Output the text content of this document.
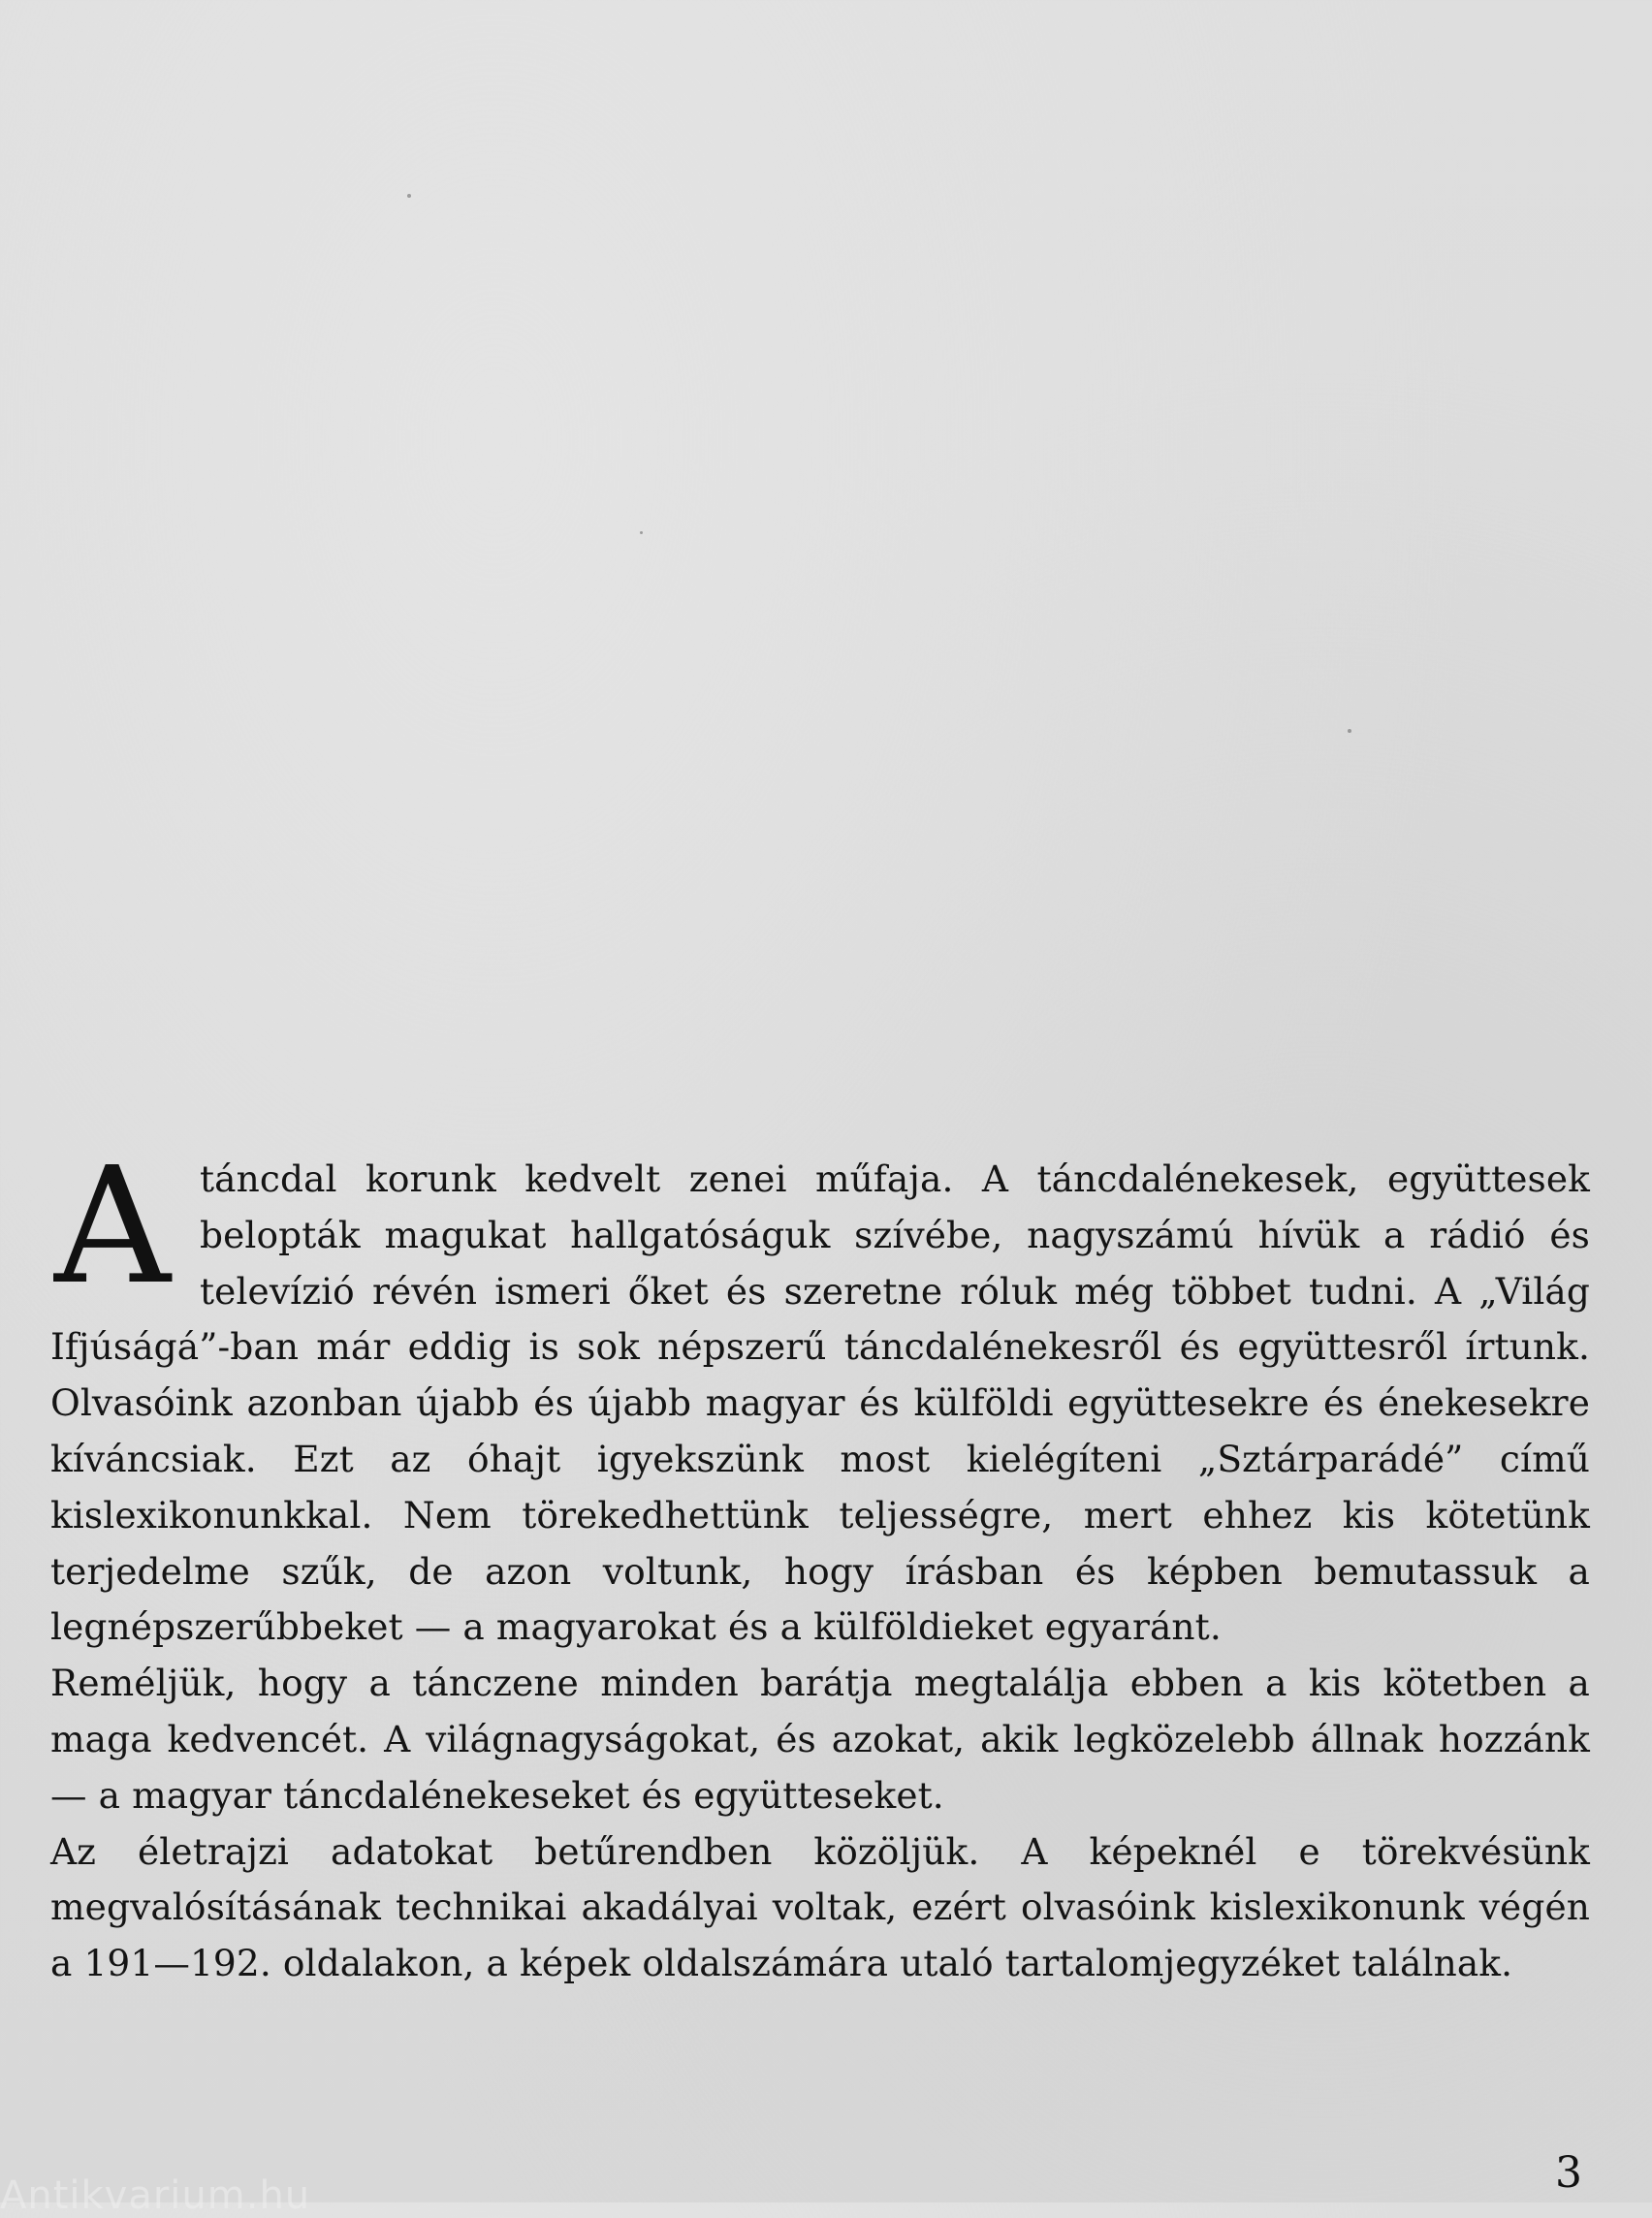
Atáncdal korunk kedvelt zenei műfaja. A táncdalénekesek, együttesek belopták magukat hallgatóságuk szívébe, nagyszámú hívük a rádió és televízió révén ismeri őket és szeretne róluk még többet tudni. A „Világ Ifjúságá”-ban már eddig is sok népszerű táncdalénekesről és együttesről írtunk. Olvasóink azonban újabb és újabb magyar és külföldi együttesekre és énekesekre kíváncsiak. Ezt az óhajt igyekszünk most kielégíteni „Sztárparádé” című kislexikonunkkal. Nem törekedhettünk teljességre, mert ehhez kis kötetünk terjedelme szűk, de azon voltunk, hogy írásban és képben bemutassuk a legnépszerűbbeket — a magyarokat és a külföldieket egyaránt.

Reméljük, hogy a tánczene minden barátja megtalálja ebben a kis kötetben a maga kedvencét. A világnagyságokat, és azokat, akik legközelebb állnak hozzánk — a magyar táncdalénekeseket és együtteseket.

Az életrajzi adatokat betűrendben közöljük. A képeknél e törekvésünk megvalósításának technikai akadályai voltak, ezért olvasóink kislexikonunk végén a 191—192. oldalakon, a képek oldalszámára utaló tartalomjegyzéket találnak.

3
Antikvarium.hu
